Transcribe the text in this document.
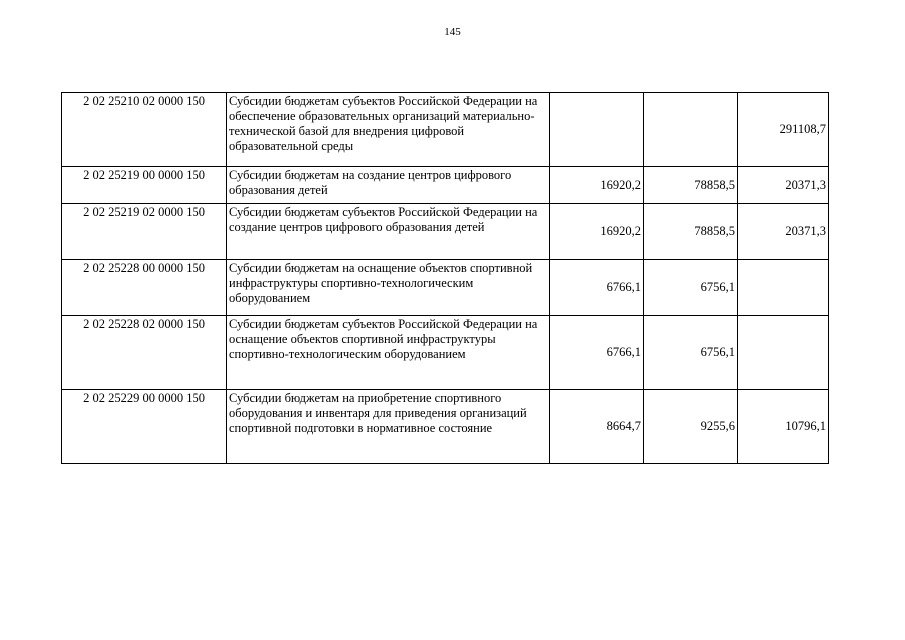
145
2 02 25210 02 0000 150	Субсидии бюджетам субъектов Российской Федерации на обеспечение образовательных организаций материально-технической базой для внедрения цифровой образовательной среды			291108,7
2 02 25219 00 0000 150	Субсидии бюджетам на создание центров цифрового образования детей	16920,2	78858,5	20371,3
2 02 25219 02 0000 150	Субсидии бюджетам субъектов Российской Федерации на создание центров цифрового образования детей	16920,2	78858,5	20371,3
2 02 25228 00 0000 150	Субсидии бюджетам на оснащение объектов спортивной инфраструктуры спортивно-технологическим оборудованием	6766,1	6756,1	
2 02 25228 02 0000 150	Субсидии бюджетам субъектов Российской Федерации на оснащение объектов спортивной инфраструктуры спортивно-технологическим оборудованием	6766,1	6756,1	
2 02 25229 00 0000 150	Субсидии бюджетам на приобретение спортивного оборудования и инвентаря для приведения организаций спортивной подготовки в нормативное состояние	8664,7	9255,6	10796,1
